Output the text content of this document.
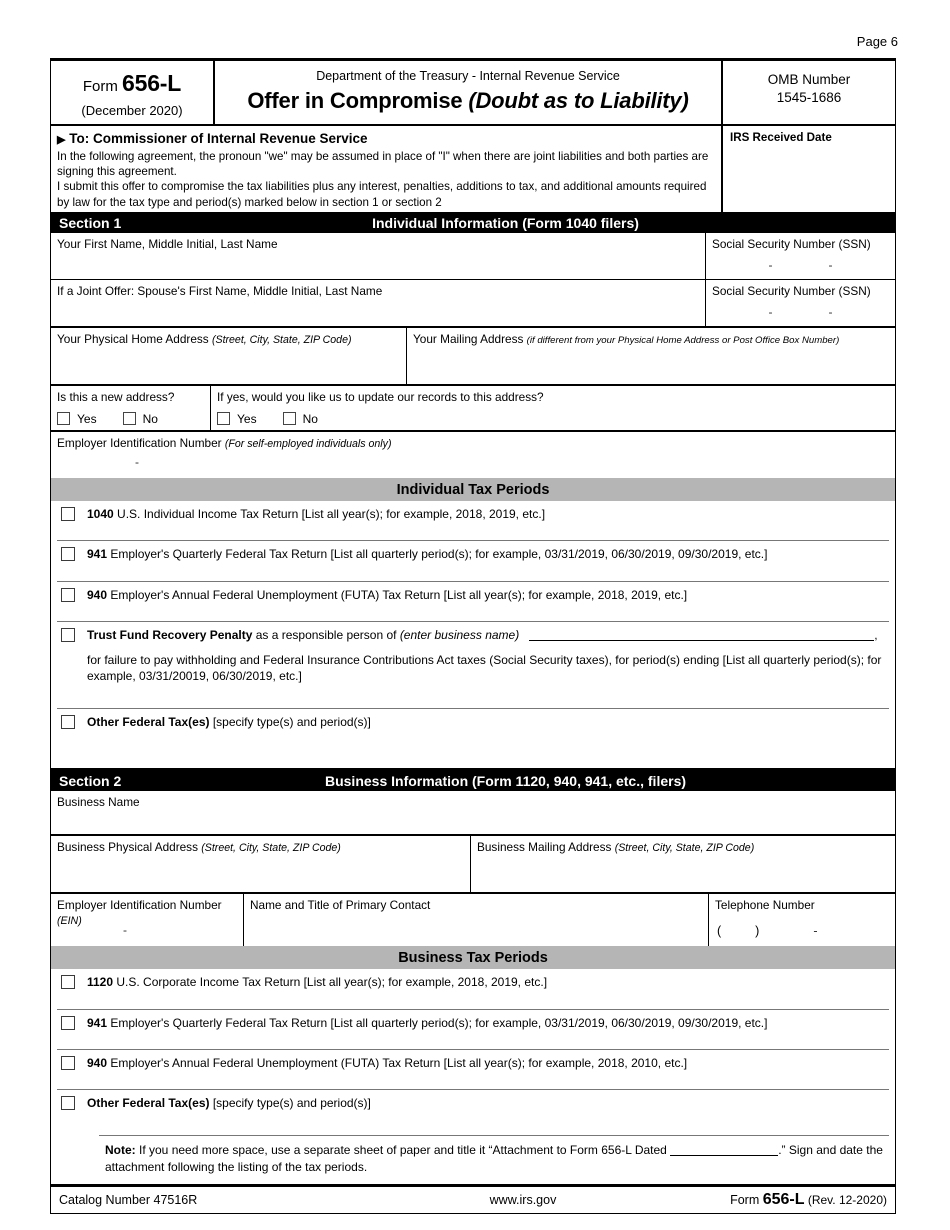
Page 6
Form 656-L
(December 2020)
Department of the Treasury - Internal Revenue Service
Offer in Compromise (Doubt as to Liability)
OMB Number
1545-1686
▶ To: Commissioner of Internal Revenue Service

In the following agreement, the pronoun "we" may be assumed in place of "I" when there are joint liabilities and both parties are signing this agreement.

I submit this offer to compromise the tax liabilities plus any interest, penalties, additions to tax, and additional amounts required by law for the tax type and period(s) marked below in section 1 or section 2

IRS Received Date
Section 1	Individual Information (Form 1040 filers)
Your First Name, Middle Initial, Last Name	Social Security Number (SSN)
-	-
If a Joint Offer: Spouse's First Name, Middle Initial, Last Name	Social Security Number (SSN)
-	-
Your Physical Home Address (Street, City, State, ZIP Code)	Your Mailing Address (if different from your Physical Home Address or Post Office Box Number)
Is this a new address?
Yes	No
If yes, would you like us to update our records to this address?
Yes	No
Employer Identification Number (For self-employed individuals only)
-
Individual Tax Periods
1040 U.S. Individual Income Tax Return [List all year(s); for example, 2018, 2019, etc.]
941 Employer's Quarterly Federal Tax Return [List all quarterly period(s); for example, 03/31/2019, 06/30/2019, 09/30/2019, etc.]
940 Employer's Annual Federal Unemployment (FUTA) Tax Return [List all year(s); for example, 2018, 2019, etc.]
Trust Fund Recovery Penalty as a responsible person of (enter business name)	,
for failure to pay withholding and Federal Insurance Contributions Act taxes (Social Security taxes), for period(s) ending [List all quarterly period(s); for example, 03/31/20019, 06/30/2019, etc.]
Other Federal Tax(es) [specify type(s) and period(s)]
Section 2	Business Information (Form 1120, 940, 941, etc., filers)
Business Name
Business Physical Address (Street, City, State, ZIP Code)	Business Mailing Address (Street, City, State, ZIP Code)
Employer Identification Number
(EIN)
-
Name and Title of Primary Contact	Telephone Number
(	)	-
Business Tax Periods
1120 U.S. Corporate Income Tax Return [List all year(s); for example, 2018, 2019, etc.]
941 Employer's Quarterly Federal Tax Return [List all quarterly period(s); for example, 03/31/2019, 06/30/2019, 09/30/2019, etc.]
940 Employer's Annual Federal Unemployment (FUTA) Tax Return [List all year(s); for example, 2018, 2010, etc.]
Other Federal Tax(es) [specify type(s) and period(s)]
Note: If you need more space, use a separate sheet of paper and title it “Attachment to Form 656-L Dated	.” Sign and date the attachment following the listing of the tax periods.
Catalog Number 47516R	www.irs.gov	Form 656-L (Rev. 12-2020)
